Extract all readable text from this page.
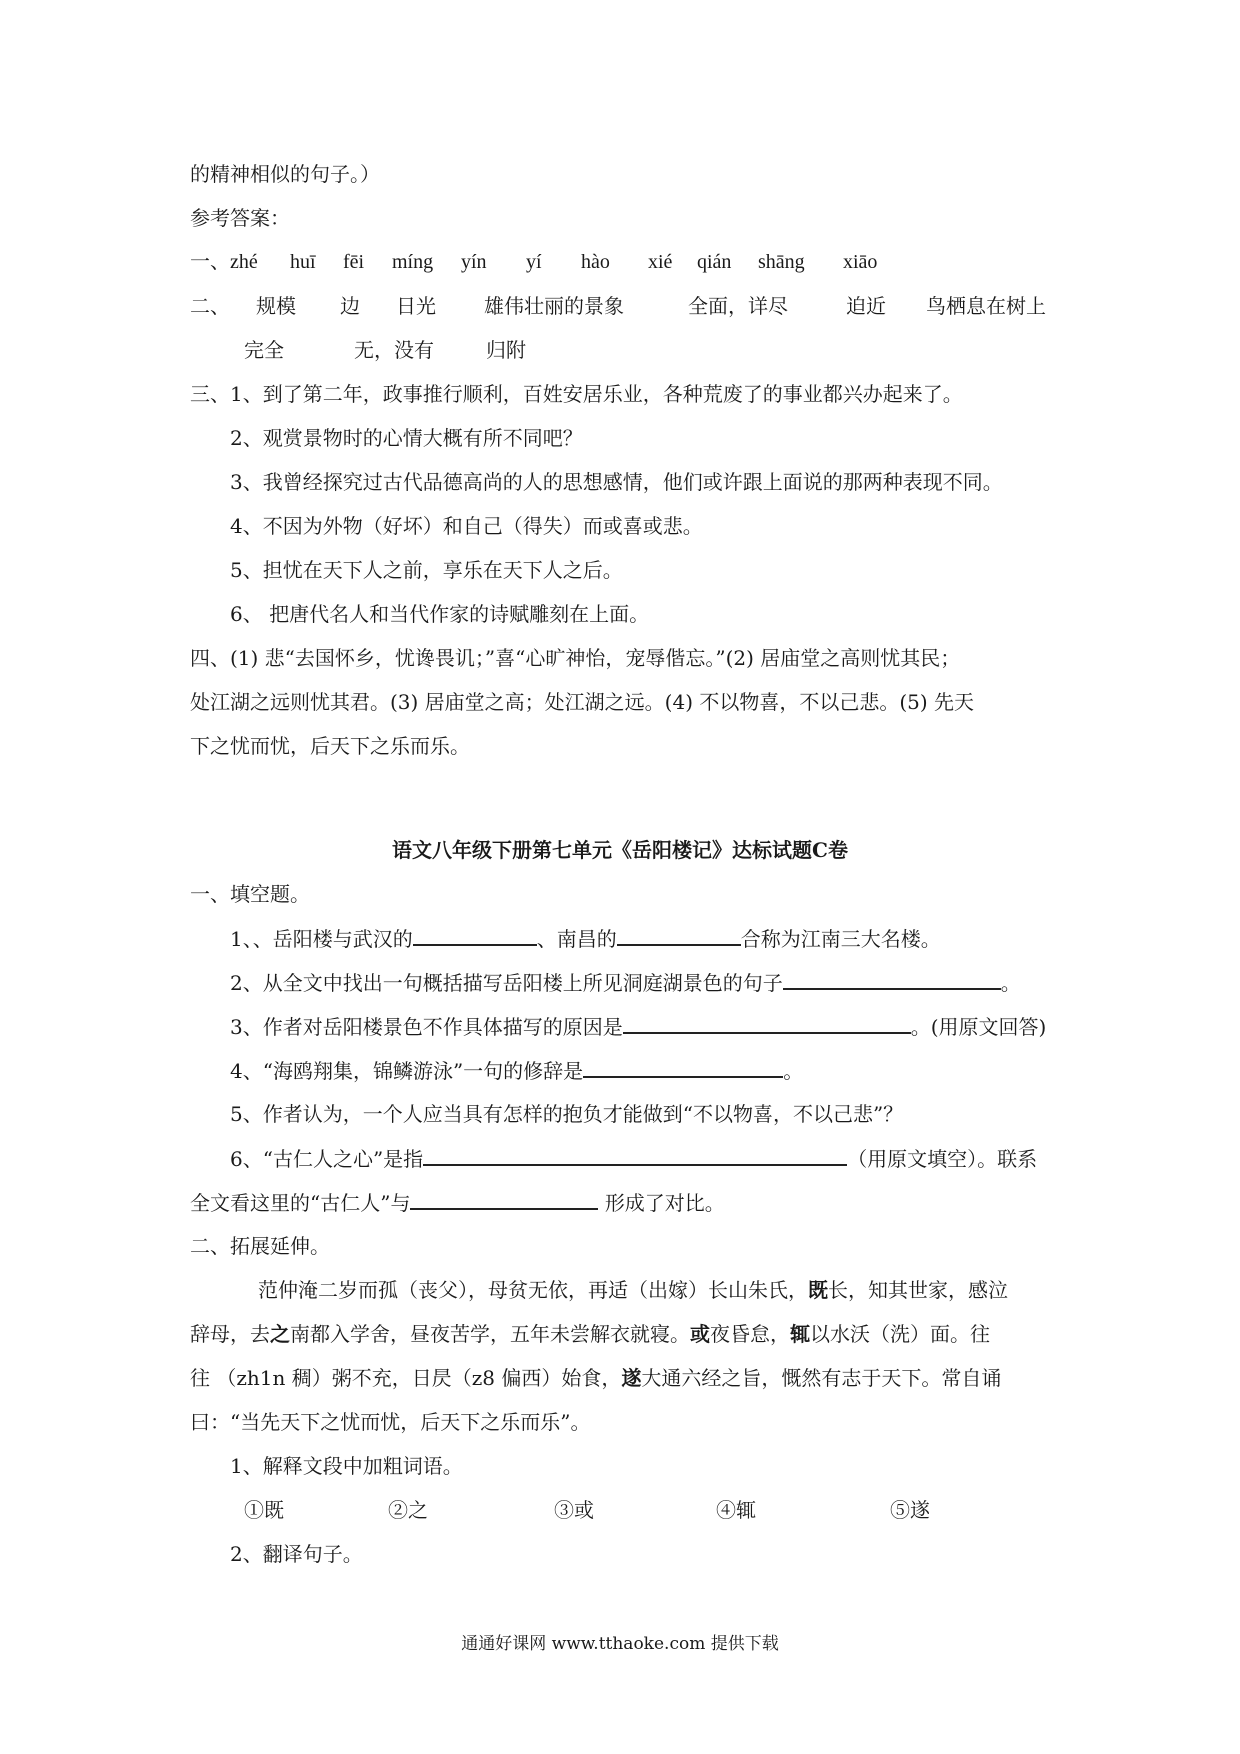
的精神相似的句子。）
参考答案：
一、zhé huī fēi míng yín yí hào xié qián shāng xiāo
二、 规模 边 日光 雄伟壮丽的景象	全面，详尽	迫近 鸟栖息在树上
完全	无，没有	归附
三、1、到了第二年，政事推行顺利，百姓安居乐业，各种荒废了的事业都兴办起来了。
2、观赏景物时的心情大概有所不同吧？
3、我曾经探究过古代品德高尚的人的思想感情，他们或许跟上面说的那两种表现不同。
4、不因为外物（好坏）和自己（得失）而或喜或悲。
5、担忧在天下人之前，享乐在天下人之后。
6、 把唐代名人和当代作家的诗赋雕刻在上面。
四、(1) 悲“去国怀乡，忧谗畏讥；”喜“心旷神怡，宠辱偕忘。”(2) 居庙堂之高则忧其民；
处江湖之远则忧其君。(3) 居庙堂之高；处江湖之远。(4) 不以物喜，不以己悲。(5) 先天
下之忧而忧，后天下之乐而乐。
语文八年级下册第七单元《岳阳楼记》达标试题C卷
一、填空题。
1、、岳阳楼与武汉的	、南昌的	合称为江南三大名楼。
2、从全文中找出一句概括描写岳阳楼上所见洞庭湖景色的句子	。
3、作者对岳阳楼景色不作具体描写的原因是	。(用原文回答)
4、“海鸥翔集，锦鳞游泳”一句的修辞是	。
5、作者认为，一个人应当具有怎样的抱负才能做到“不以物喜，不以己悲”？
6、“古仁人之心”是指	（用原文填空）。联系
全文看这里的“古仁人”与	形成了对比。
二、拓展延伸。
范仲淹二岁而孤（丧父），母贫无依，再适（出嫁）长山朱氏，既长，知其世家，感泣
辞母，去之南都入学舍，昼夜苦学，五年未尝解衣就寝。或夜昏怠，辄以水沃（洗）面。往
往 （zh1n 稠）粥不充，日昃（z8 偏西）始食，遂大通六经之旨，慨然有志于天下。常自诵
曰：“当先天下之忧而忧，后天下之乐而乐”。
1、解释文段中加粗词语。
①既	②之	③或	④辄	⑤遂
2、翻译句子。
通通好课网 www.tthaoke.com 提供下载
